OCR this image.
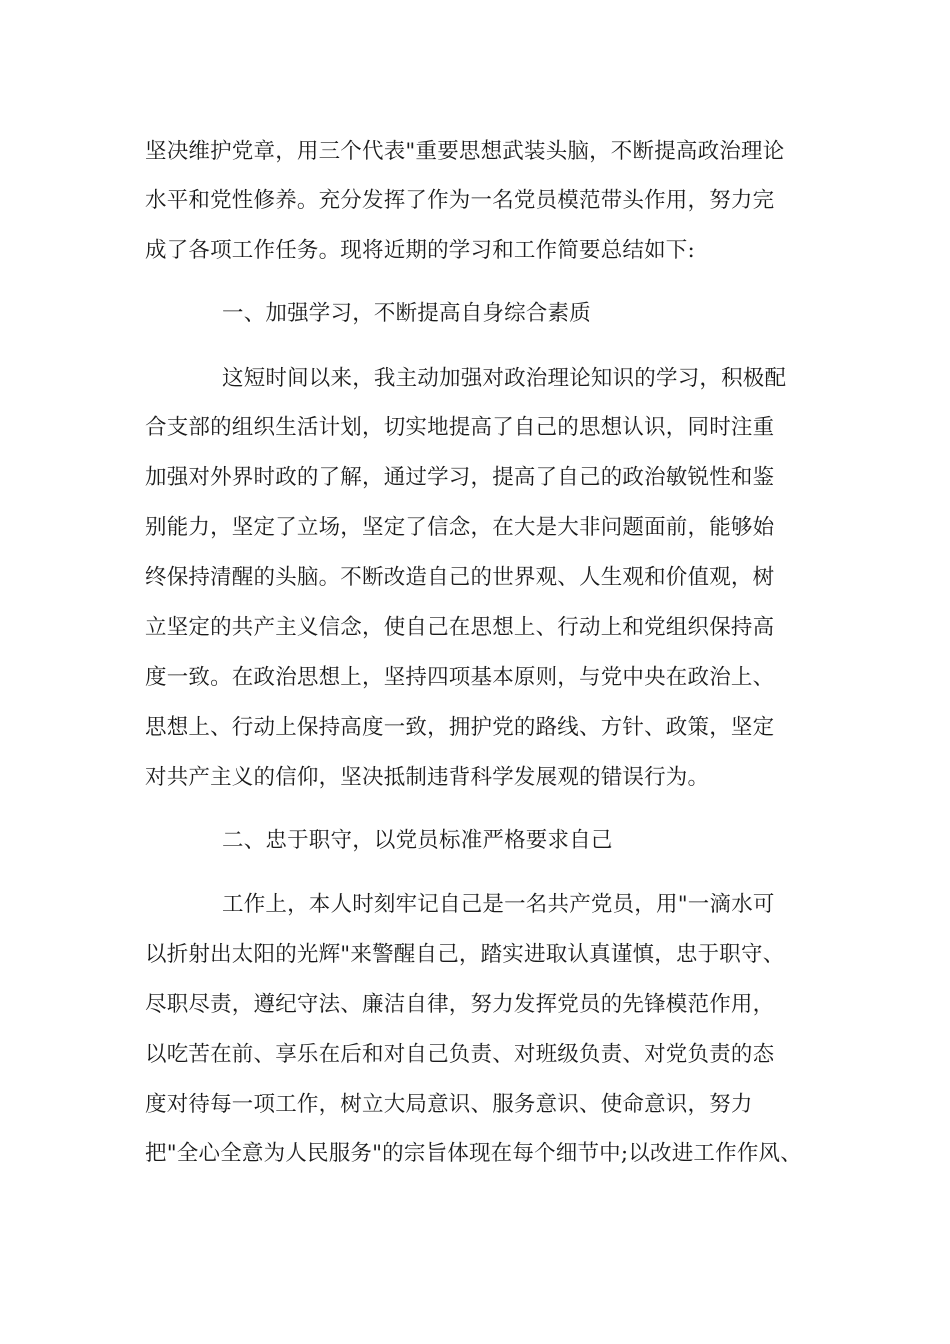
坚决维护党章，用三个代表"重要思想武装头脑，不断提高政治理论
水平和党性修养。充分发挥了作为一名党员模范带头作用，努力完
成了各项工作任务。现将近期的学习和工作简要总结如下:
一、加强学习，不断提高自身综合素质
这短时间以来，我主动加强对政治理论知识的学习，积极配
合支部的组织生活计划，切实地提高了自己的思想认识，同时注重
加强对外界时政的了解，通过学习，提高了自己的政治敏锐性和鉴
别能力，坚定了立场，坚定了信念，在大是大非问题面前，能够始
终保持清醒的头脑。不断改造自己的世界观、人生观和价值观，树
立坚定的共产主义信念，使自己在思想上、行动上和党组织保持高
度一致。在政治思想上，坚持四项基本原则，与党中央在政治上、
思想上、行动上保持高度一致，拥护党的路线、方针、政策，坚定
对共产主义的信仰，坚决抵制违背科学发展观的错误行为。
二、忠于职守，以党员标准严格要求自己
工作上，本人时刻牢记自己是一名共产党员，用"一滴水可
以折射出太阳的光辉"来警醒自己，踏实进取认真谨慎，忠于职守、
尽职尽责，遵纪守法、廉洁自律，努力发挥党员的先锋模范作用，
以吃苦在前、享乐在后和对自己负责、对班级负责、对党负责的态
度对待每一项工作，树立大局意识、服务意识、使命意识，努力
把"全心全意为人民服务"的宗旨体现在每个细节中;以改进工作作风、
